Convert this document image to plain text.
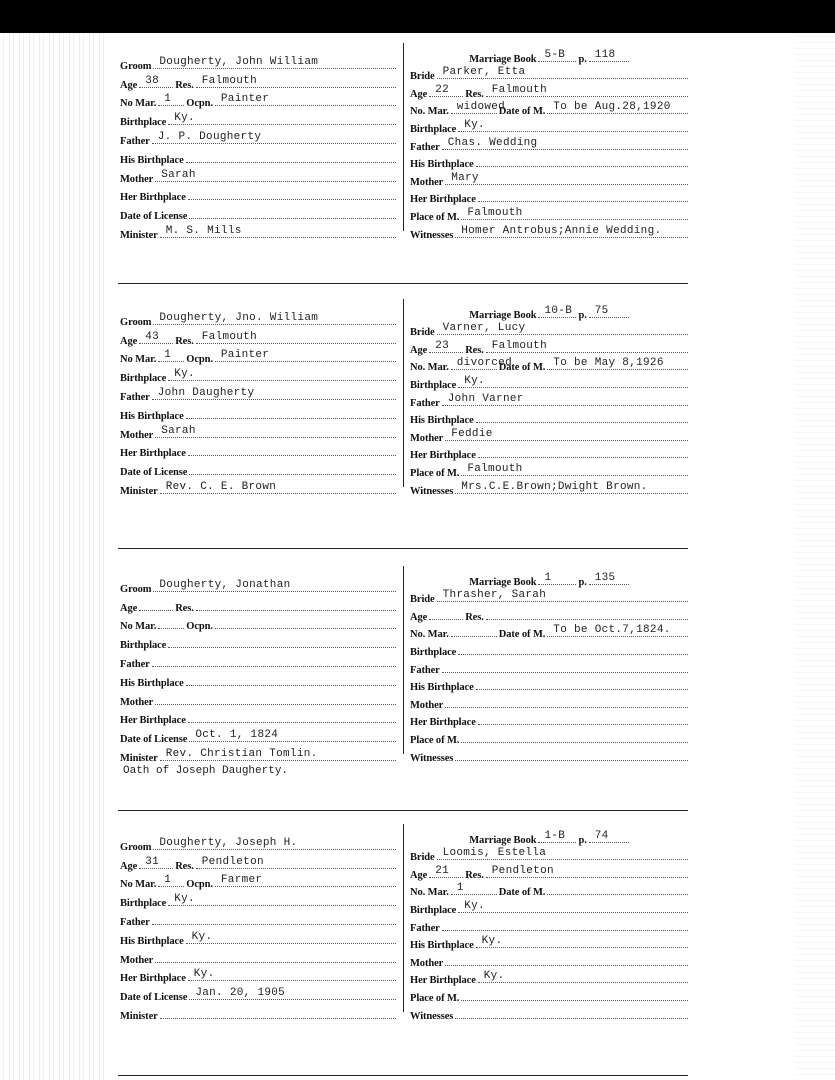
Groom Dougherty, John William
Age 38 Res. Falmouth
No Mar. 1 Ocpn. Painter
Birthplace Ky.
Father J. P. Dougherty
His Birthplace
Mother Sarah
Her Birthplace
Date of License
Minister M. S. Mills
Marriage Book 5-B p. 118
Bride Parker, Etta
Age 22 Res. Falmouth
No. Mar. widowed
Date of M. To be Aug.28,1920
Birthplace Ky.
Father Chas. Wedding
His Birthplace
Mother Mary
Her Birthplace
Place of M. Falmouth
Witnesses Homer Antrobus;Annie Wedding.
Groom Dougherty, Jno. William
Age 43 Res. Falmouth
No Mar. 1 Ocpn. Painter
Birthplace Ky.
Father John Daugherty
His Birthplace
Mother Sarah
Her Birthplace
Date of License
Minister Rev. C. E. Brown
Marriage Book 10-B p. 75
Bride Varner, Lucy
Age 23 Res. Falmouth
No. Mar. divorced
Date of M. To be May 8,1926
Birthplace Ky.
Father John Varner
His Birthplace
Mother Feddie
Her Birthplace
Place of M. Falmouth
Witnesses Mrs.C.E.Brown;Dwight Brown.
Groom Dougherty, Jonathan
Age	Res.
No Mar.	Ocpn.
Birthplace
Father
His Birthplace
Mother
Her Birthplace
Date of License Oct. 1, 1824
Minister Rev. Christian Tomlin.
Marriage Book 1	p. 135
Bride Thrasher, Sarah
Age	Res.
No. Mar.	Date of M. To be Oct.7,1824.
Birthplace
Father
His Birthplace
Mother
Her Birthplace
Place of M.
Witnesses
Oath of Joseph Daugherty.
Groom Dougherty, Joseph H.
Age 31 Res. Pendleton
No Mar. 1 Ocpn. Farmer
Birthplace Ky.
Father
His Birthplace Ky.
Mother
Her Birthplace Ky.
Date of License Jan. 20, 1905
Minister
Marriage Book 1-B p. 74
Bride Loomis, Estella
Age 21 Res. Pendleton
No. Mar. 1	Date of M.
Birthplace Ky.
Father
His Birthplace Ky.
Mother
Her Birthplace Ky.
Place of M.
Witnesses
